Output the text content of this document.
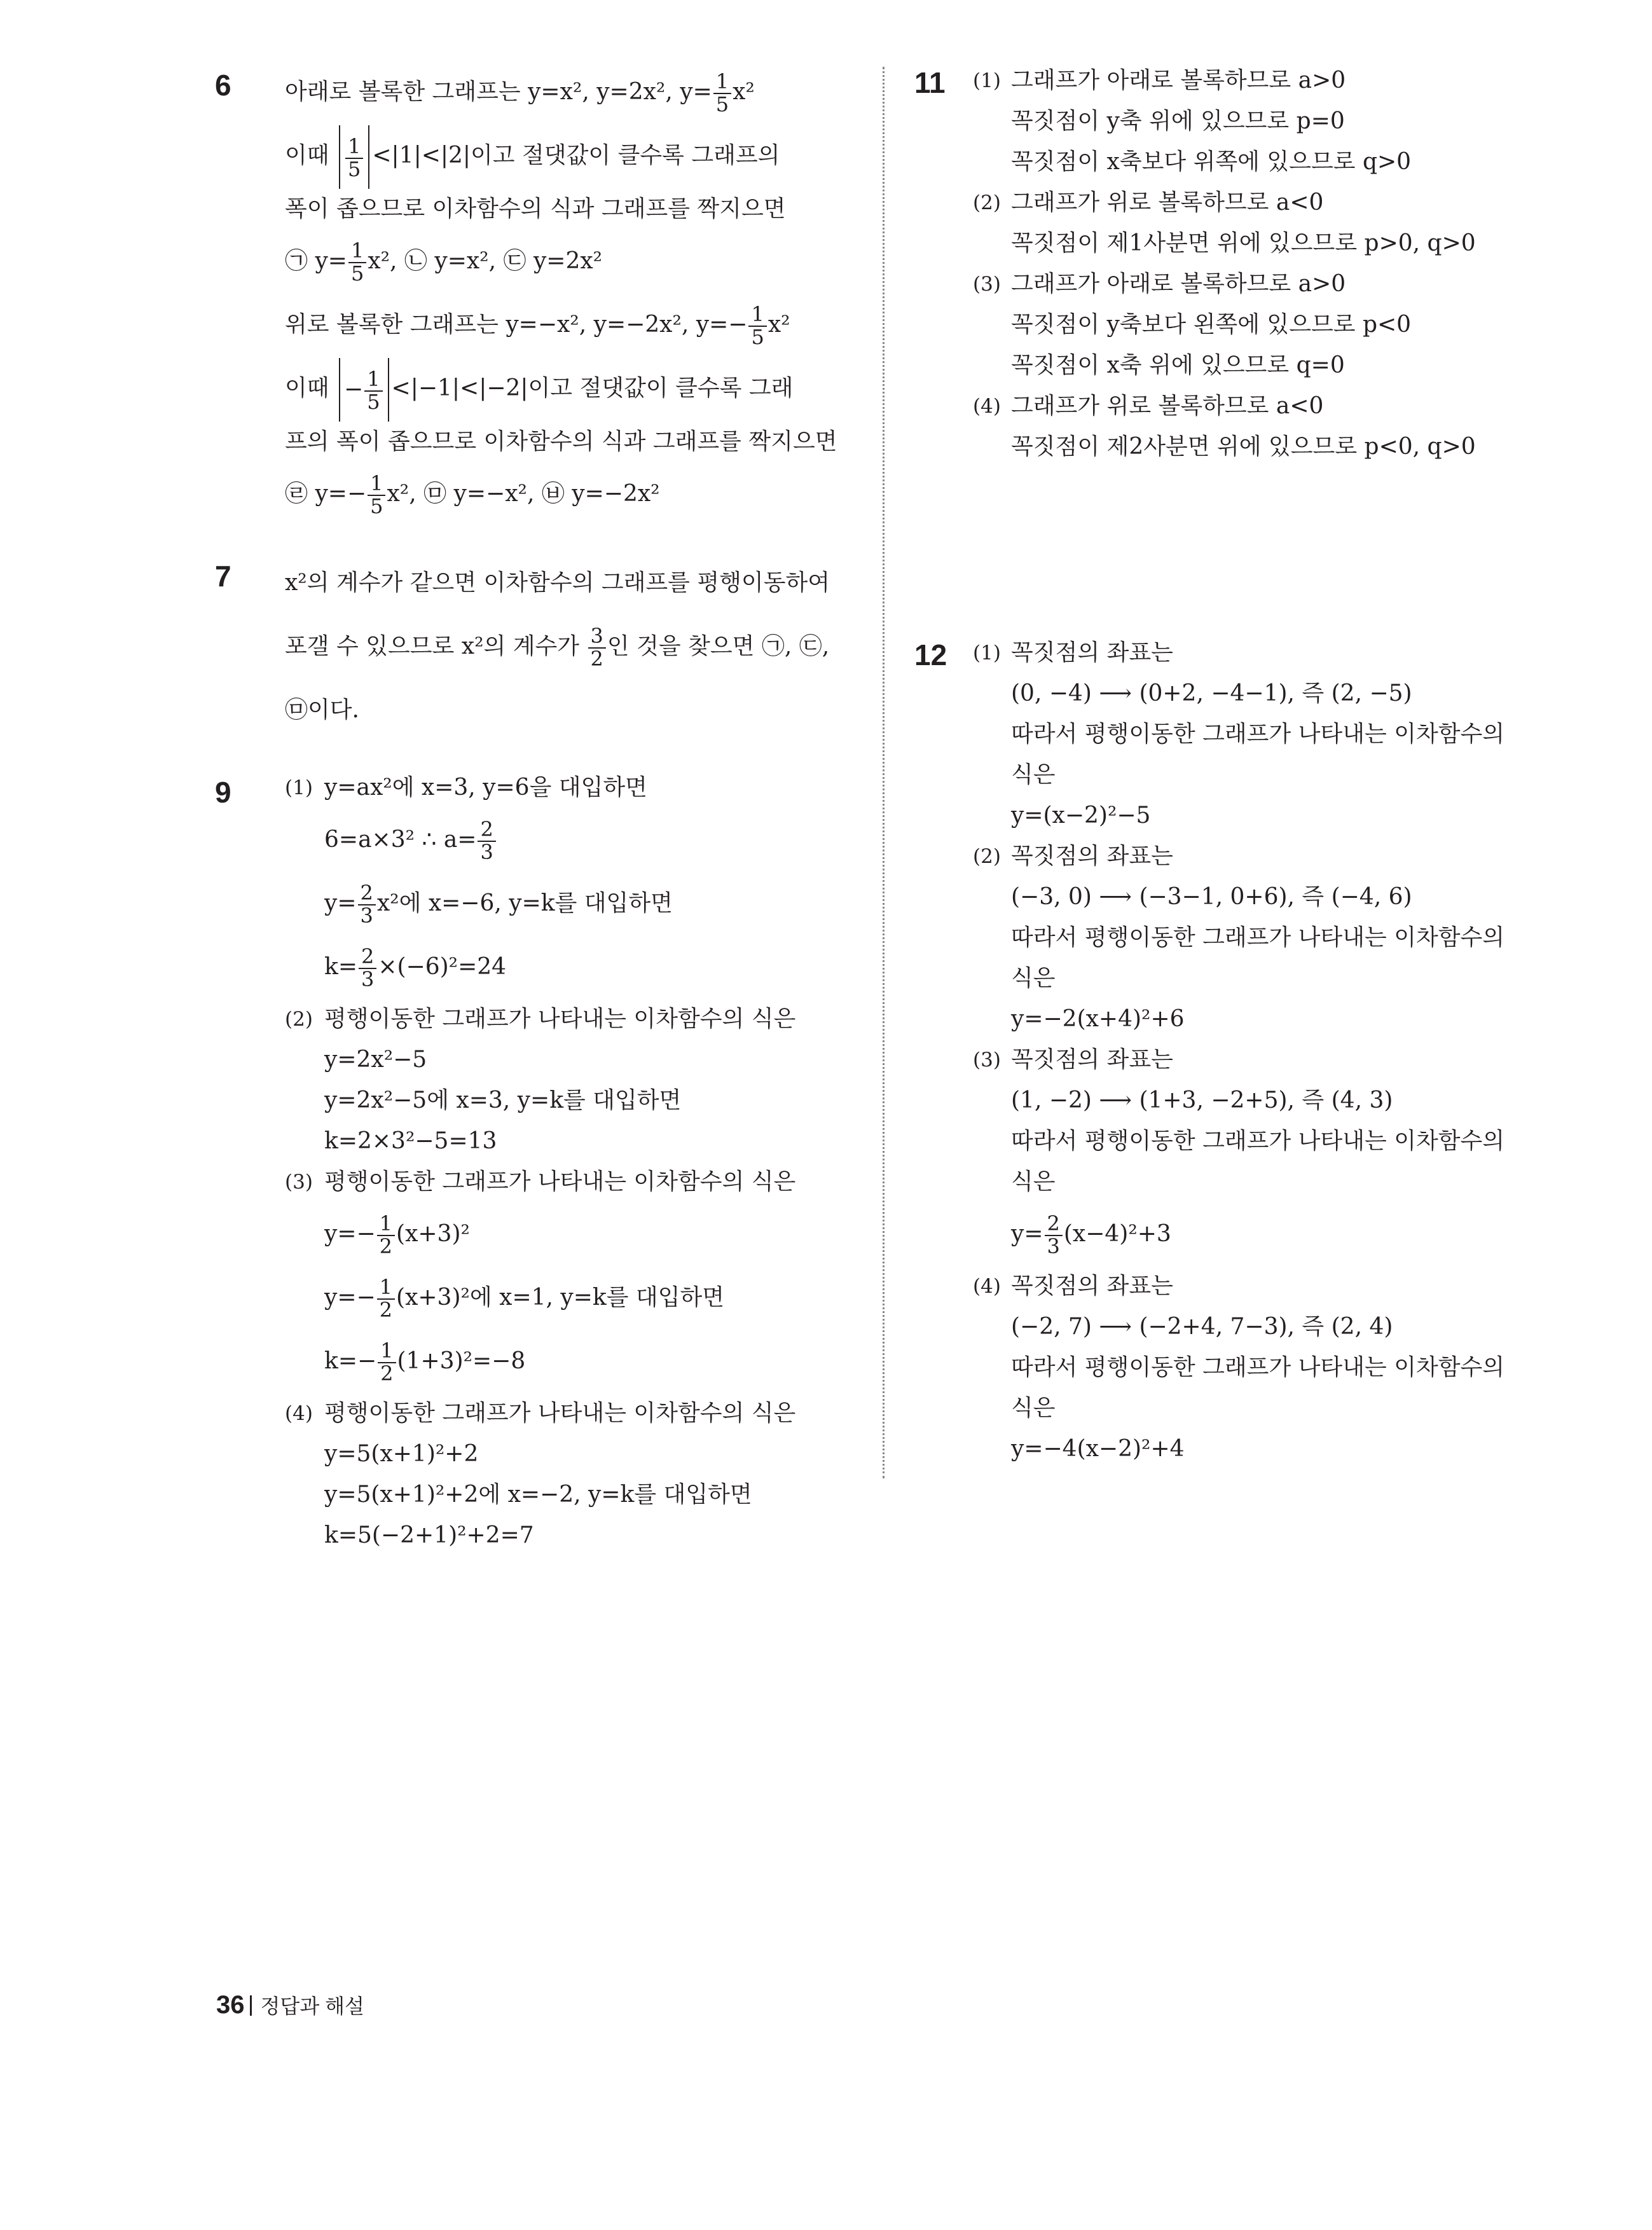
6 아래로 볼록한 그래프는 y=x², y=2x², $y= \frac{1}{5} x^2$
이때 $\frac{1}{5} <|1|<|2|$이고 절댓값이 클수록 그래프의
폭이 좁으므로 이차함수의 식과 그래프를 짝지으면
㉠ $y= \frac{1}{5} x^2$, ㉡ y=x², ㉢ y=2x²
위로 볼록한 그래프는 y=−x², y=−2x², $y=- \frac{1}{5} x^2$
이때 − $\frac{1}{5} <|-1|<|-2|$이고 절댓값이 클수록 그래
프의 폭이 좁으므로 이차함수의 식과 그래프를 짝지으면
㉣ $y=- \frac{1}{5} x^2$, ㉤ y=−x², ㉥ y=−2x²
7 x²의 계수가 같으면 이차함수의 그래프를 평행이동하여
포갤 수 있으므로 x²의 계수가 $\frac{3}{2}$ 인 것을 찾으면 ㉠, ㉢,
㉤이다.
9	(1) y=ax²에 x=3, y=6을 대입하면
6=a×3² ∴ $a= \frac{2}{3}$
$y= \frac{2}{3} x^2$에 x=−6, y=k를 대입하면
$k= \frac{2}{3} \times(-6)^2=24$
(2) 평행이동한 그래프가 나타내는 이차함수의 식은
y=2x²−5
y=2x²−5에 x=3, y=k를 대입하면
k=2×3²−5=13
(3) 평행이동한 그래프가 나타내는 이차함수의 식은
$y=- \frac{1}{2} (x+3)^2$
$y=- \frac{1}{2} (x+3)^2$에 x=1, y=k를 대입하면
$k=- \frac{1}{2} (1+3)^2=-8$
(4) 평행이동한 그래프가 나타내는 이차함수의 식은
y=5(x+1)²+2
y=5(x+1)²+2에 x=−2, y=k를 대입하면
k=5(−2+1)²+2=7
11 (1) 그래프가 아래로 볼록하므로 a>0
꼭짓점이 y축 위에 있으므로 p=0
꼭짓점이 x축보다 위쪽에 있으므로 q>0
(2) 그래프가 위로 볼록하므로 a<0
꼭짓점이 제1사분면 위에 있으므로 p>0, q>0
(3) 그래프가 아래로 볼록하므로 a>0
꼭짓점이 y축보다 왼쪽에 있으므로 p<0
꼭짓점이 x축 위에 있으므로 q=0
(4) 그래프가 위로 볼록하므로 a<0
꼭짓점이 제2사분면 위에 있으므로 p<0, q>0
12 (1) 꼭짓점의 좌표는
(0, −4) ⟶ (0+2, −4−1), 즉 (2, −5)
따라서 평행이동한 그래프가 나타내는 이차함수의
식은
y=(x−2)²−5
(2) 꼭짓점의 좌표는
(−3, 0) ⟶ (−3−1, 0+6), 즉 (−4, 6)
따라서 평행이동한 그래프가 나타내는 이차함수의
식은
y=−2(x+4)²+6
(3) 꼭짓점의 좌표는
(1, −2) ⟶ (1+3, −2+5), 즉 (4, 3)
따라서 평행이동한 그래프가 나타내는 이차함수의
식은
$y= \frac{2}{3} (x-4)^2+3$
(4) 꼭짓점의 좌표는
(−2, 7) ⟶ (−2+4, 7−3), 즉 (2, 4)
따라서 평행이동한 그래프가 나타내는 이차함수의
식은
y=−4(x−2)²+4
36 정답과 해설
